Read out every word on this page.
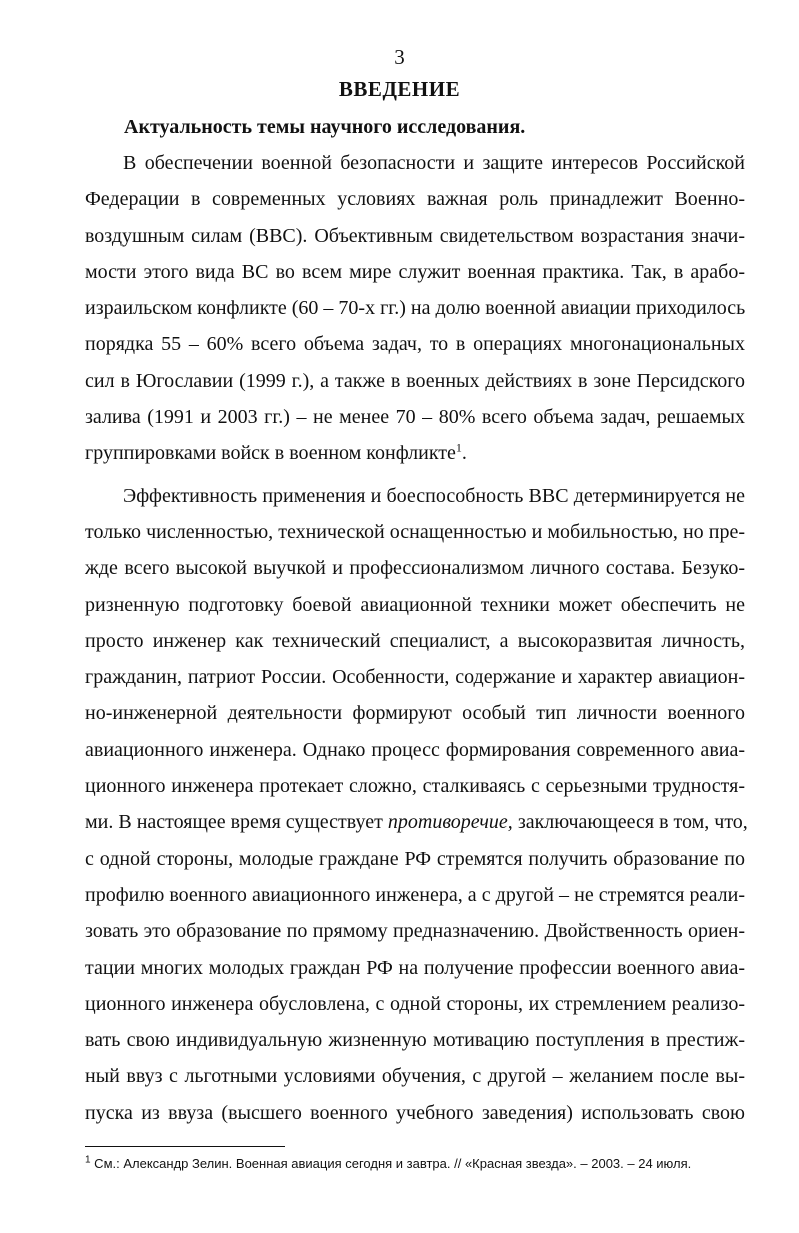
3
ВВЕДЕНИЕ
Актуальность темы научного исследования.
В обеспечении военной безопасности и защите интересов Российской
Федерации в современных условиях важная роль принадлежит Военно-
воздушным силам (ВВС). Объективным свидетельством возрастания значи-
мости этого вида ВС во всем мире служит военная практика. Так, в арабо-
израильском конфликте (60 – 70-х гг.) на долю военной авиации приходилось
порядка 55 – 60% всего объема задач, то в операциях многонациональных
сил в Югославии (1999 г.), а также в военных действиях в зоне Персидского
залива (1991 и 2003 гг.) – не менее 70 – 80% всего объема задач, решаемых
группировками войск в военном конфликте$^1$.
Эффективность применения и боеспособность ВВС детерминируется не
только численностью, технической оснащенностью и мобильностью, но пре-
жде всего высокой выучкой и профессионализмом личного состава. Безуко-
ризненную подготовку боевой авиационной техники может обеспечить не
просто инженер как технический специалист, а высокоразвитая личность,
гражданин, патриот России. Особенности, содержание и характер авиацион-
но-инженерной деятельности формируют особый тип личности военного
авиационного инженера. Однако процесс формирования современного авиа-
ционного инженера протекает сложно, сталкиваясь с серьезными трудностя-
ми. В настоящее время существует противоречие, заключающееся в том, что,
с одной стороны, молодые граждане РФ стремятся получить образование по
профилю военного авиационного инженера, а с другой – не стремятся реали-
зовать это образование по прямому предназначению. Двойственность ориен-
тации многих молодых граждан РФ на получение профессии военного авиа-
ционного инженера обусловлена, с одной стороны, их стремлением реализо-
вать свою индивидуальную жизненную мотивацию поступления в престиж-
ный ввуз с льготными условиями обучения, с другой – желанием после вы-
пуска из ввуза (высшего военного учебного заведения) использовать свою
$^1$ См.: Александр Зелин. Военная авиация сегодня и завтра. // «Красная звезда». – 2003. – 24 июля.
